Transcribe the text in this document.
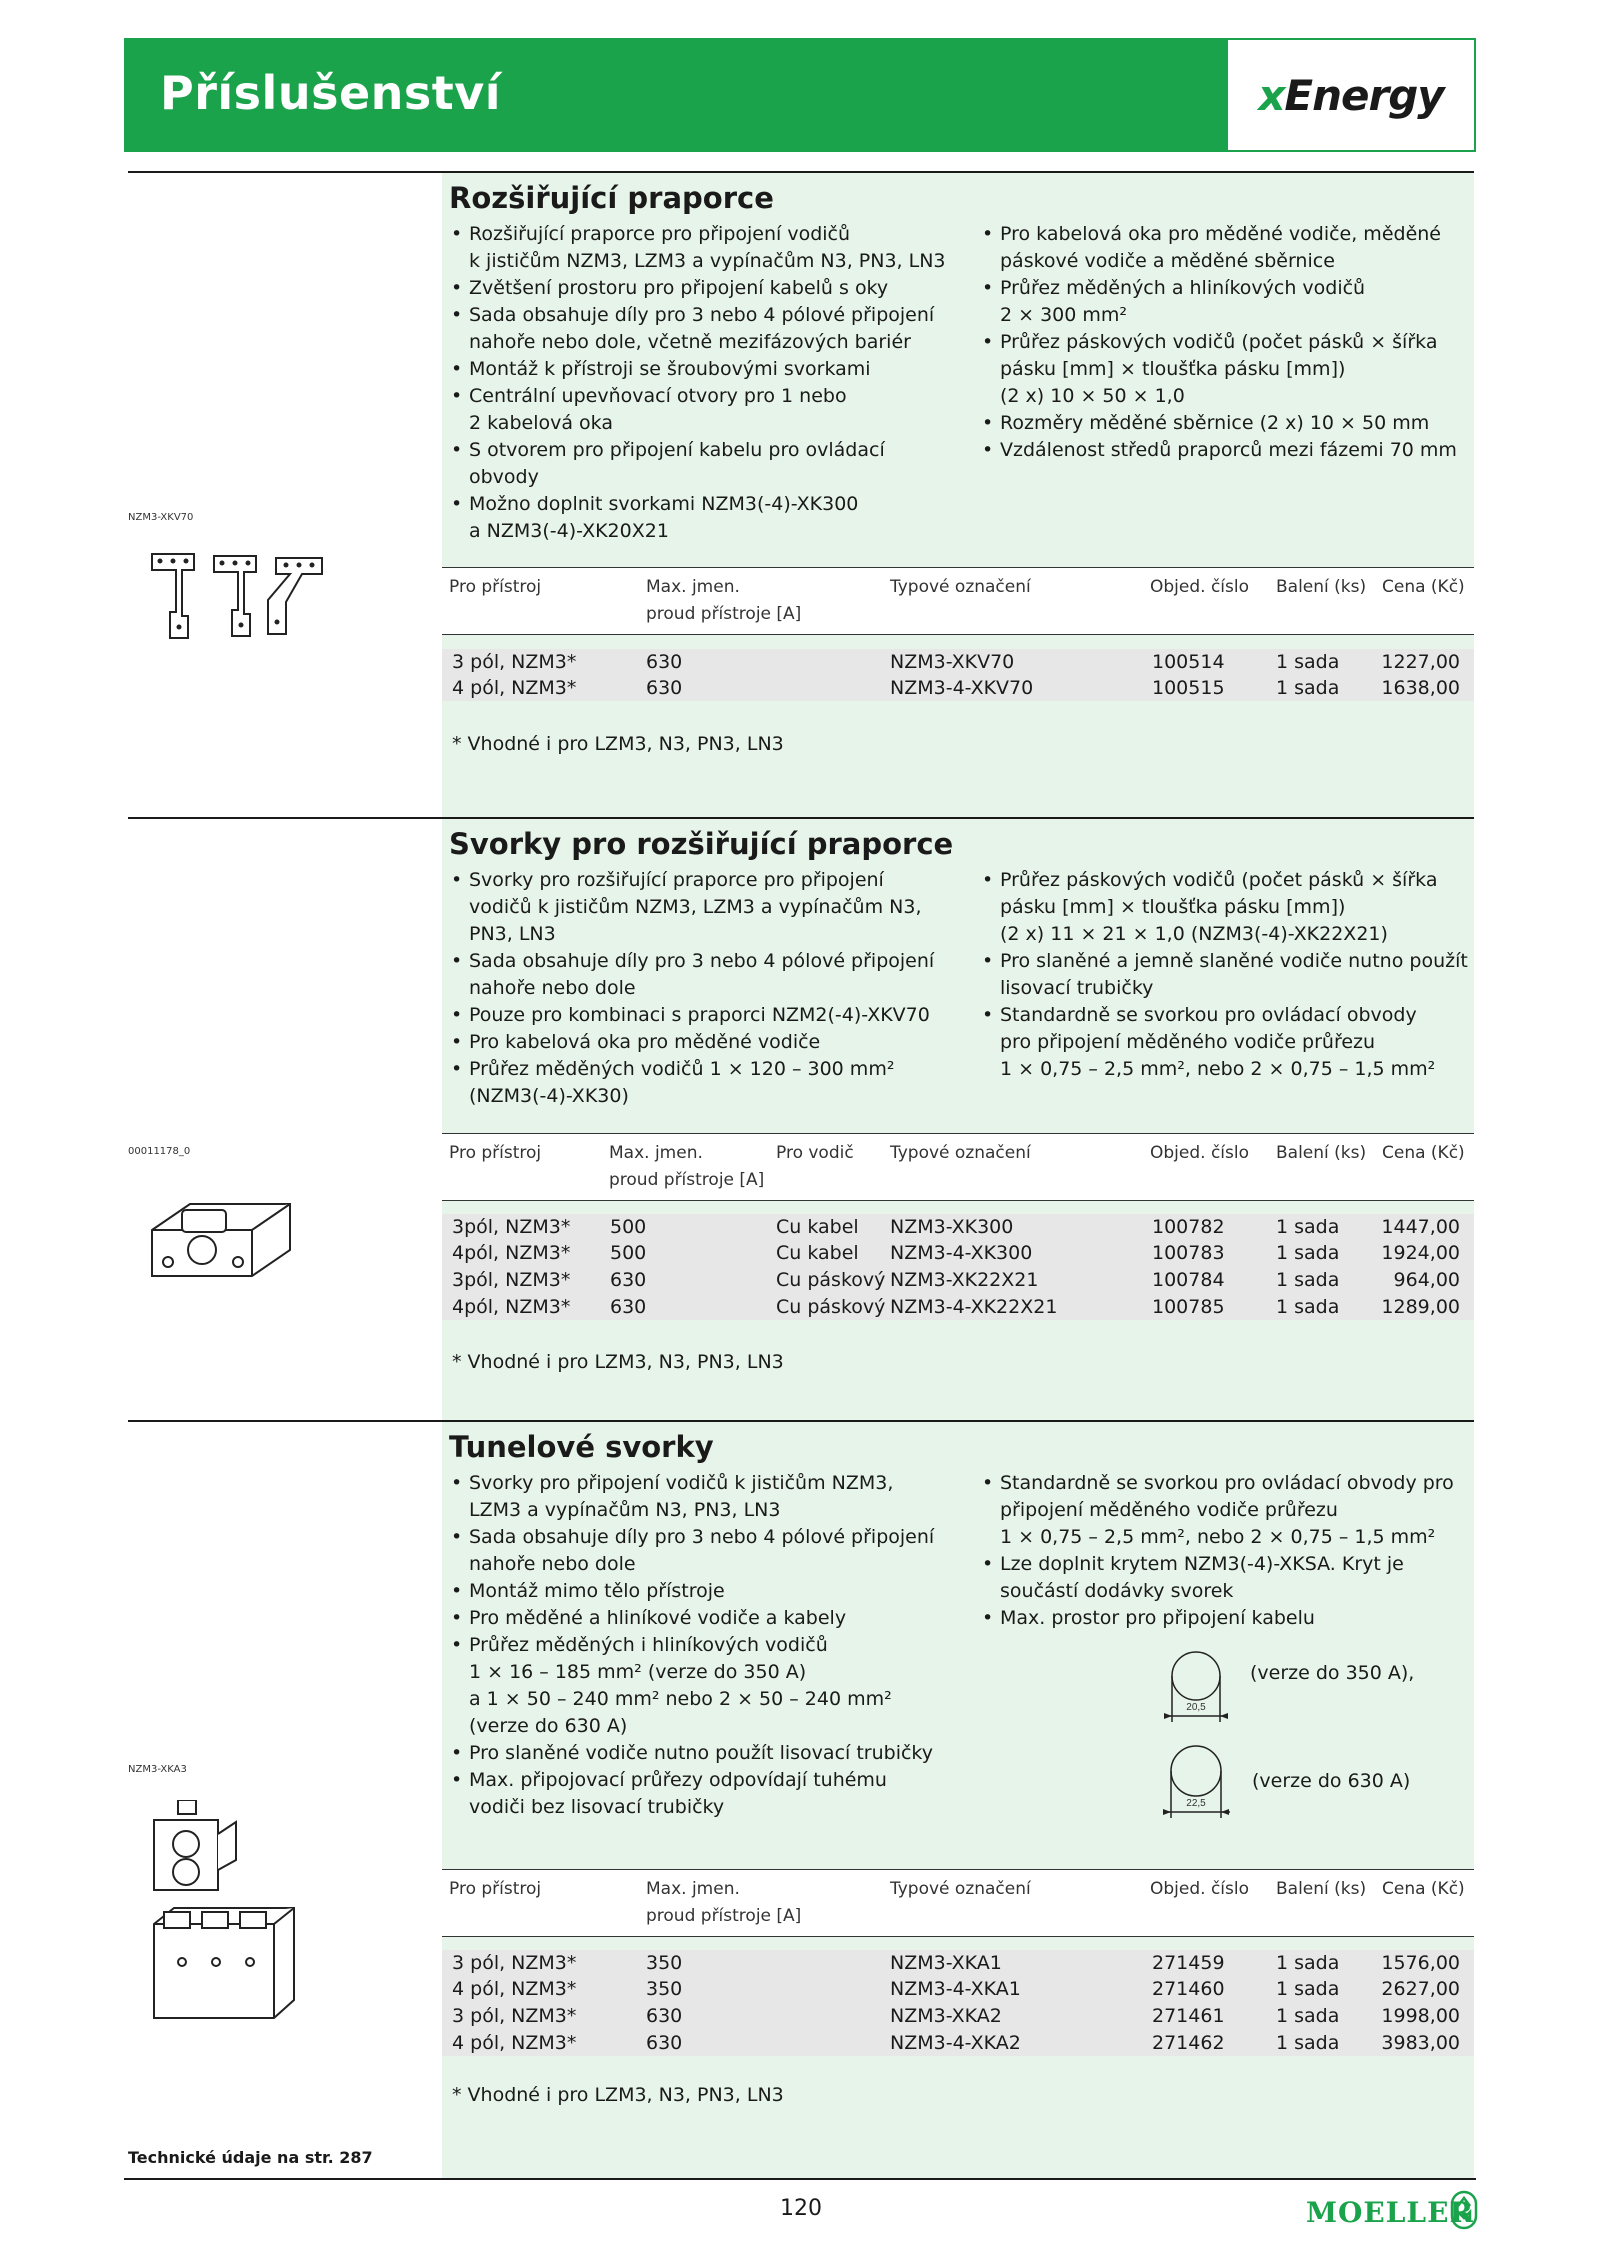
Příslušenství	x Energy
NZM3-XKV70
00011178_0
NZM3-XKA3
Rozšiřující praporce
• Rozšiřující praporce pro připojení vodičů
k jističům NZM3, LZM3 a vypínačům N3, PN3, LN3
• Zvětšení prostoru pro připojení kabelů s oky
• Sada obsahuje díly pro 3 nebo 4 pólové připojení
nahoře nebo dole, včetně mezifázových bariér
• Montáž k přístroji se šroubovými svorkami
• Centrální upevňovací otvory pro 1 nebo
2 kabelová oka
• S otvorem pro připojení kabelu pro ovládací
obvody
• Možno doplnit svorkami NZM3(-4)-XK300
a NZM3(-4)-XK20X21
• Pro kabelová oka pro měděné vodiče, měděné
páskové vodiče a měděné sběrnice
• Průřez měděných a hliníkových vodičů
2 × 300 mm²
• Průřez páskových vodičů (počet pásků × šířka
pásku [mm] × tloušťka pásku [mm])
(2 x) 10 × 50 × 1,0
• Rozměry měděné sběrnice (2 x) 10 × 50 mm
• Vzdálenost středů praporců mezi fázemi 70 mm
Pro přístroj	Max. jmen.
proud přístroje [A]
Typové označení	Objed. číslo Balení (ks) Cena (Kč)
3 pól, NZM3*	630	NZM3-XKV70	100514	1 sada	1227,00
4 pól, NZM3*	630	NZM3-4-XKV70	100515	1 sada	1638,00
* Vhodné i pro LZM3, N3, PN3, LN3
Svorky pro rozšiřující praporce
• Svorky pro rozšiřující praporce pro připojení
vodičů k jističům NZM3, LZM3 a vypínačům N3,
PN3, LN3
• Sada obsahuje díly pro 3 nebo 4 pólové připojení
nahoře nebo dole
• Pouze pro kombinaci s praporci NZM2(-4)-XKV70
• Pro kabelová oka pro měděné vodiče
• Průřez měděných vodičů 1 × 120 – 300 mm²
(NZM3(-4)-XK30)
• Průřez páskových vodičů (počet pásků × šířka
pásku [mm] × tloušťka pásku [mm])
(2 x) 11 × 21 × 1,0 (NZM3(-4)-XK22X21)
• Pro slaněné a jemně slaněné vodiče nutno použít
lisovací trubičky
• Standardně se svorkou pro ovládací obvody
pro připojení měděného vodiče průřezu
1 × 0,75 – 2,5 mm², nebo 2 × 0,75 – 1,5 mm²
Pro přístroj	Max. jmen.
proud přístroje [A]
Pro vodič Typové označení	Objed. číslo Balení (ks) Cena (Kč)
3pól, NZM3* 500	Cu kabel NZM3-XK300	100782	1 sada	1447,00
4pól, NZM3* 500	Cu kabel NZM3-4-XK300	100783	1 sada	1924,00
3pól, NZM3* 630	Cu páskový NZM3-XK22X21	100784	1 sada	964,00
4pól, NZM3* 630	Cu páskový NZM3-4-XK22X21	100785	1 sada	1289,00
* Vhodné i pro LZM3, N3, PN3, LN3
Tunelové svorky
• Svorky pro připojení vodičů k jističům NZM3,
LZM3 a vypínačům N3, PN3, LN3
• Sada obsahuje díly pro 3 nebo 4 pólové připojení
nahoře nebo dole
• Montáž mimo tělo přístroje
• Pro měděné a hliníkové vodiče a kabely
• Průřez měděných i hliníkových vodičů
1 × 16 – 185 mm² (verze do 350 A)
a 1 × 50 – 240 mm² nebo 2 × 50 – 240 mm²
(verze do 630 A)
• Pro slaněné vodiče nutno použít lisovací trubičky
• Max. připojovací průřezy odpovídají tuhému
vodiči bez lisovací trubičky
• Standardně se svorkou pro ovládací obvody pro
připojení měděného vodiče průřezu
1 × 0,75 – 2,5 mm², nebo 2 × 0,75 – 1,5 mm²
• Lze doplnit krytem NZM3(-4)-XKSA. Kryt je
součástí dodávky svorek
• Max. prostor pro připojení kabelu
20,5
22,5
(verze do 350 A),
(verze do 630 A)
Pro přístroj	Max. jmen.
proud přístroje [A]
Typové označení	Objed. číslo Balení (ks) Cena (Kč)
3 pól, NZM3*	350	NZM3-XKA1	271459	1 sada	1576,00
4 pól, NZM3*	350	NZM3-4-XKA1	271460	1 sada	2627,00
3 pól, NZM3*	630	NZM3-XKA2	271461	1 sada	1998,00
4 pól, NZM3*	630	NZM3-4-XKA2	271462	1 sada	3983,00
* Vhodné i pro LZM3, N3, PN3, LN3
Technické údaje na str. 287
120	MOELLER
